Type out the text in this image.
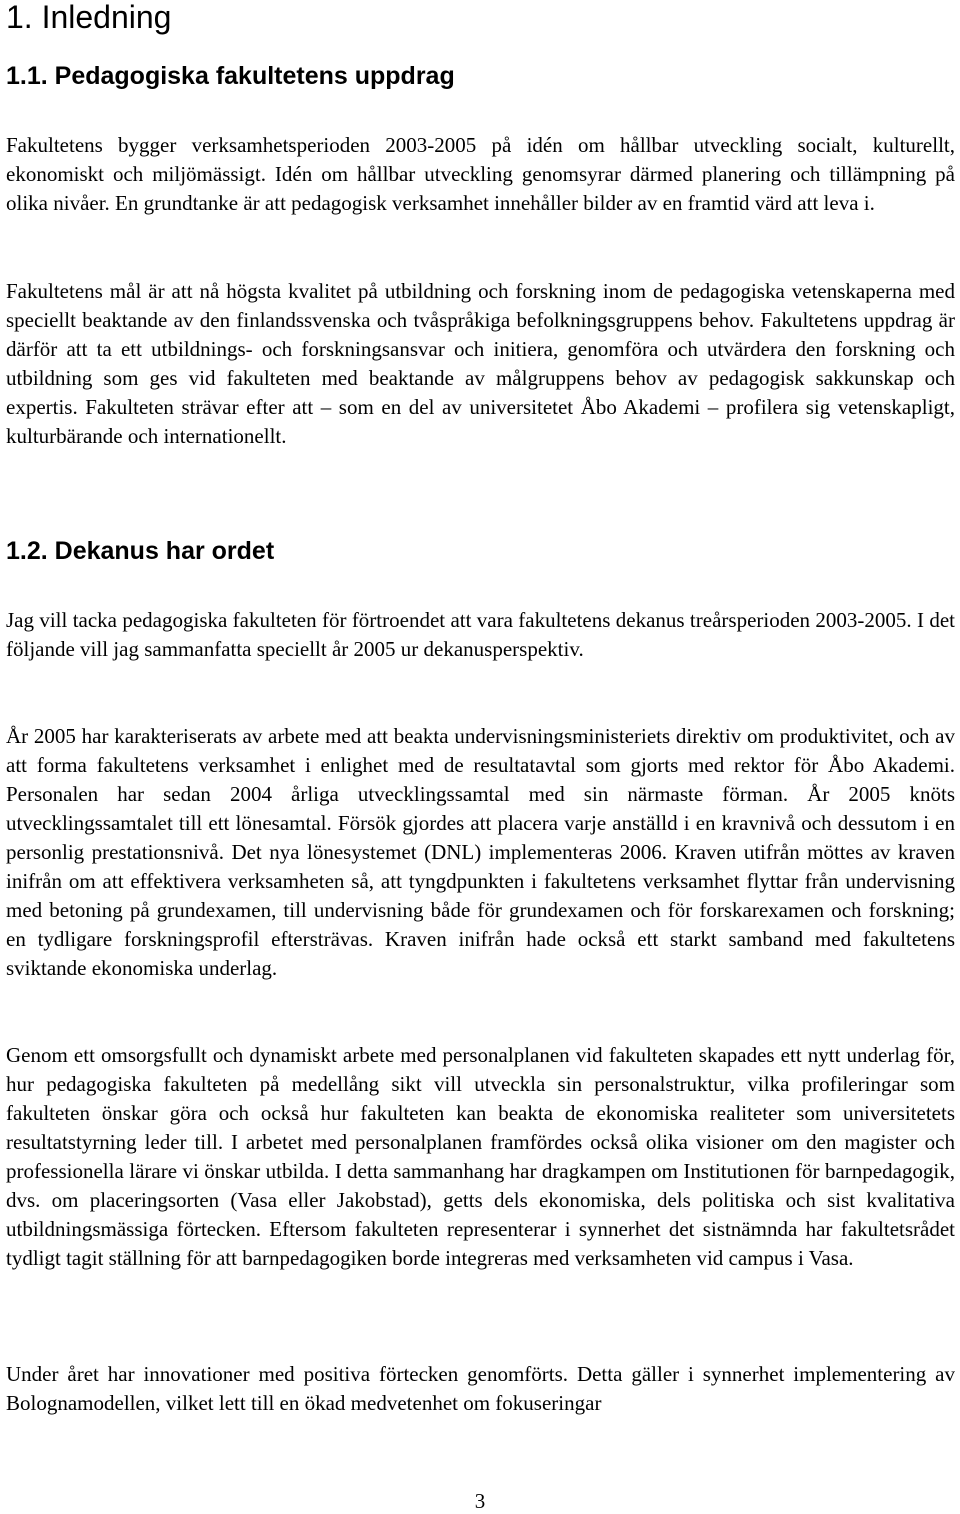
1. Inledning
1.1. Pedagogiska fakultetens uppdrag

Fakultetens bygger verksamhetsperioden 2003-2005 på idén om hållbar utveckling socialt, kulturellt, ekonomiskt och miljömässigt. Idén om hållbar utveckling genomsyrar därmed planering och tillämpning på olika nivåer. En grundtanke är att pedagogisk verksamhet innehåller bilder av en framtid värd att leva i.

Fakultetens mål är att nå högsta kvalitet på utbildning och forskning inom de pedagogiska vetenskaperna med speciellt beaktande av den finlandssvenska och tvåspråkiga befolkningsgruppens behov. Fakultetens uppdrag är därför att ta ett utbildnings- och forskningsansvar och initiera, genomföra och utvärdera den forskning och utbildning som ges vid fakulteten med beaktande av målgruppens behov av pedagogisk sakkunskap och expertis. Fakulteten strävar efter att – som en del av universitetet Åbo Akademi – profilera sig vetenskapligt, kulturbärande och internationellt.

1.2. Dekanus har ordet

Jag vill tacka pedagogiska fakulteten för förtroendet att vara fakultetens dekanus treårsperioden 2003-2005. I det följande vill jag sammanfatta speciellt år 2005 ur dekanusperspektiv.

År 2005 har karakteriserats av arbete med att beakta undervisningsministeriets direktiv om produktivitet, och av att forma fakultetens verksamhet i enlighet med de resultatavtal som gjorts med rektor för Åbo Akademi. Personalen har sedan 2004 årliga utvecklingssamtal med sin närmaste förman. År 2005 knöts utvecklingssamtalet till ett lönesamtal. Försök gjordes att placera varje anställd i en kravnivå och dessutom i en personlig prestationsnivå. Det nya lönesystemet (DNL) implementeras 2006. Kraven utifrån möttes av kraven inifrån om att effektivera verksamheten så, att tyngdpunkten i fakultetens verksamhet flyttar från undervisning med betoning på grundexamen, till undervisning både för grundexamen och för forskarexamen och forskning; en tydligare forskningsprofil eftersträvas. Kraven inifrån hade också ett starkt samband med fakultetens sviktande ekonomiska underlag.

Genom ett omsorgsfullt och dynamiskt arbete med personalplanen vid fakulteten skapades ett nytt underlag för, hur pedagogiska fakulteten på medellång sikt vill utveckla sin personalstruktur, vilka profileringar som fakulteten önskar göra och också hur fakulteten kan beakta de ekonomiska realiteter som universitetets resultatstyrning leder till. I arbetet med personalplanen framfördes också olika visioner om den magister och professionella lärare vi önskar utbilda. I detta sammanhang har dragkampen om Institutionen för barnpedagogik, dvs. om placeringsorten (Vasa eller Jakobstad), getts dels ekonomiska, dels politiska och sist kvalitativa utbildningsmässiga förtecken. Eftersom fakulteten representerar i synnerhet det sistnämnda har fakultetsrådet tydligt tagit ställning för att barnpedagogiken borde integreras med verksamheten vid campus i Vasa.

Under året har innovationer med positiva förtecken genomförts. Detta gäller i synnerhet implementering av Bolognamodellen, vilket lett till en ökad medvetenhet om fokuseringar

3
